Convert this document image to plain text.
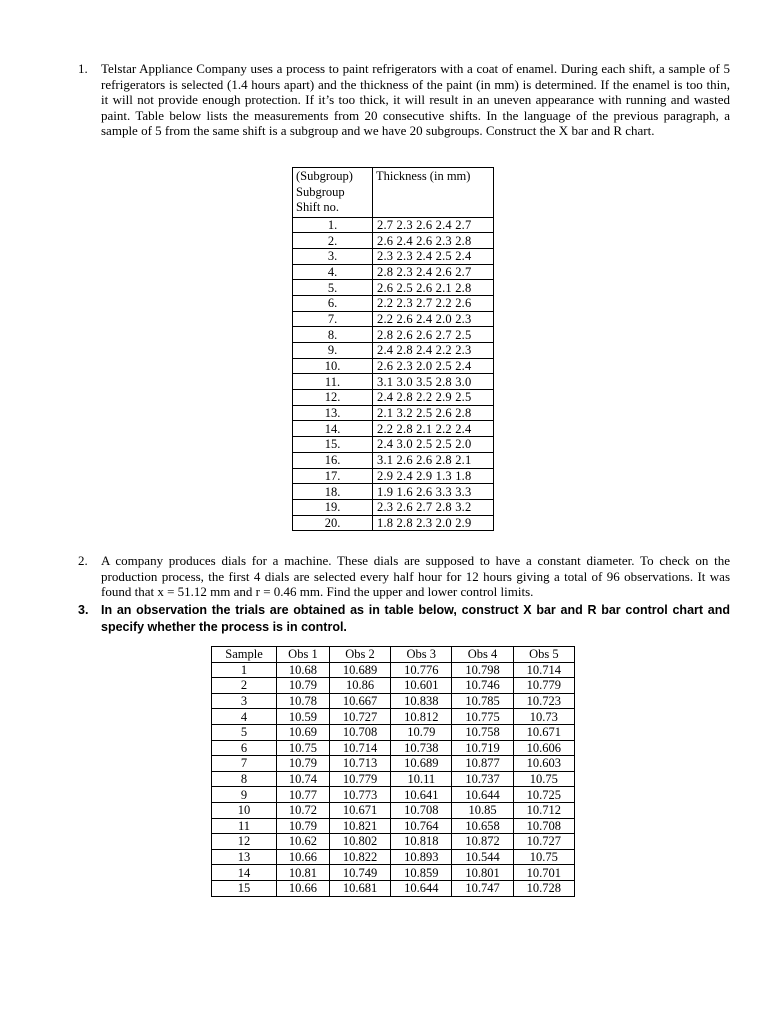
1. Telstar Appliance Company uses a process to paint refrigerators with a coat of enamel. During each shift, a sample of 5 refrigerators is selected (1.4 hours apart) and the thickness of the paint (in mm) is determined. If the enamel is too thin, it will not provide enough protection. If it’s too thick, it will result in an uneven appearance with running and wasted paint. Table below lists the measurements from 20 consecutive shifts. In the language of the previous paragraph, a sample of 5 from the same shift is a subgroup and we have 20 subgroups. Construct the X bar and R chart.
(Subgroup)
Subgroup
Shift no.	Thickness (in mm)
1.	2.7 2.3 2.6 2.4 2.7
2.	2.6 2.4 2.6 2.3 2.8
3.	2.3 2.3 2.4 2.5 2.4
4.	2.8 2.3 2.4 2.6 2.7
5.	2.6 2.5 2.6 2.1 2.8
6.	2.2 2.3 2.7 2.2 2.6
7.	2.2 2.6 2.4 2.0 2.3
8.	2.8 2.6 2.6 2.7 2.5
9.	2.4 2.8 2.4 2.2 2.3
10.	2.6 2.3 2.0 2.5 2.4
11.	3.1 3.0 3.5 2.8 3.0
12.	2.4 2.8 2.2 2.9 2.5
13.	2.1 3.2 2.5 2.6 2.8
14.	2.2 2.8 2.1 2.2 2.4
15.	2.4 3.0 2.5 2.5 2.0
16.	3.1 2.6 2.6 2.8 2.1
17.	2.9 2.4 2.9 1.3 1.8
18.	1.9 1.6 2.6 3.3 3.3
19.	2.3 2.6 2.7 2.8 3.2
20.	1.8 2.8 2.3 2.0 2.9
2. A company produces dials for a machine. These dials are supposed to have a constant diameter. To check on the production process, the first 4 dials are selected every half hour for 12 hours giving a total of 96 observations. It was found that x = 51.12 mm and r = 0.46 mm. Find the upper and lower control limits.
3. In an observation the trials are obtained as in table below, construct X bar and R bar control chart and specify whether the process is in control.
Sample	Obs 1	Obs 2	Obs 3	Obs 4	Obs 5
1	10.68	10.689	10.776	10.798	10.714
2	10.79	10.86	10.601	10.746	10.779
3	10.78	10.667	10.838	10.785	10.723
4	10.59	10.727	10.812	10.775	10.73
5	10.69	10.708	10.79	10.758	10.671
6	10.75	10.714	10.738	10.719	10.606
7	10.79	10.713	10.689	10.877	10.603
8	10.74	10.779	10.11	10.737	10.75
9	10.77	10.773	10.641	10.644	10.725
10	10.72	10.671	10.708	10.85	10.712
11	10.79	10.821	10.764	10.658	10.708
12	10.62	10.802	10.818	10.872	10.727
13	10.66	10.822	10.893	10.544	10.75
14	10.81	10.749	10.859	10.801	10.701
15	10.66	10.681	10.644	10.747	10.728
